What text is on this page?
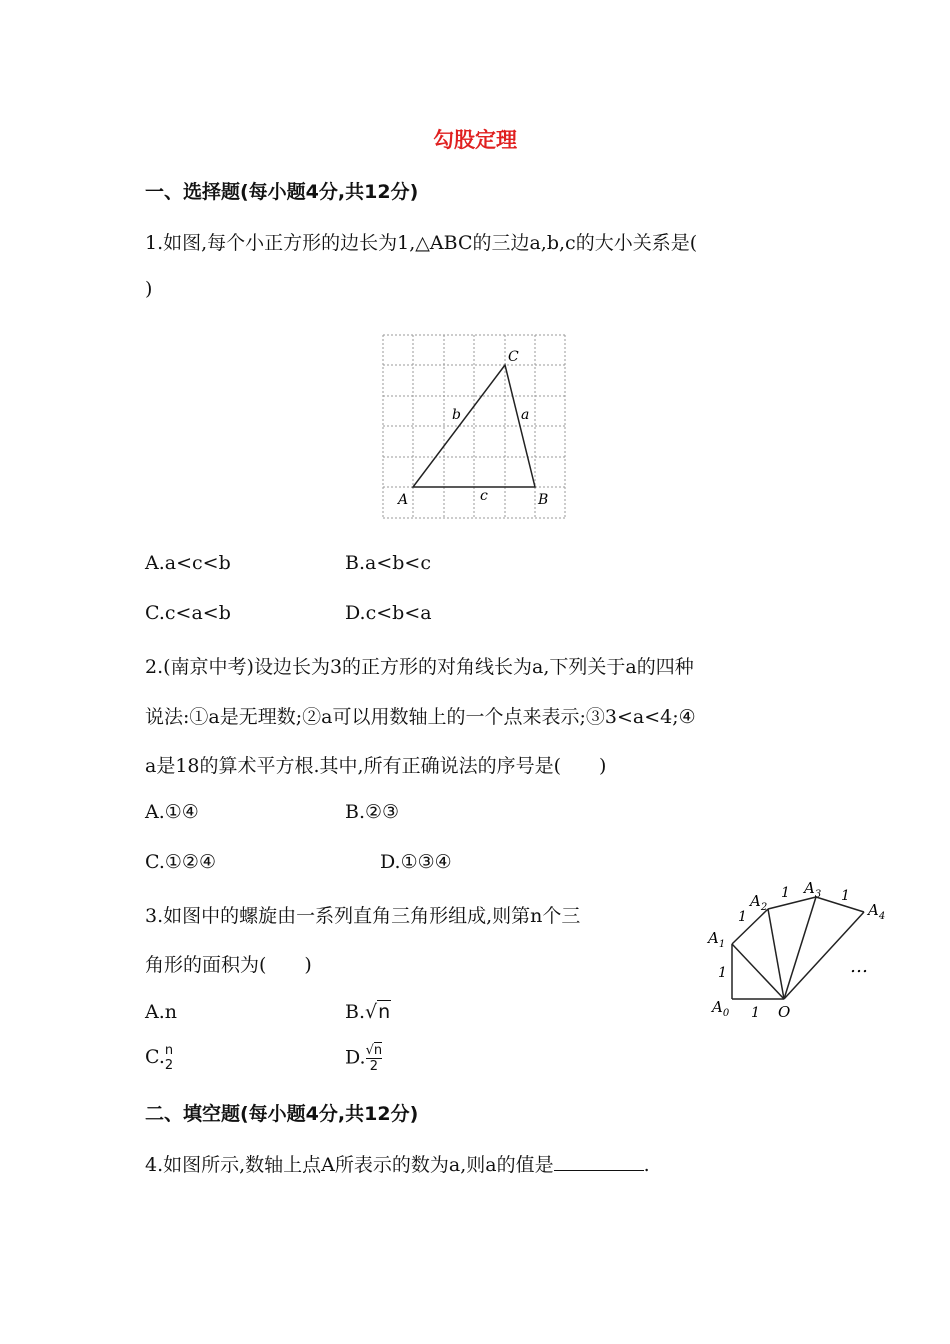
勾股定理
一、选择题(每小题4分,共12分)
1.如图,每个小正方形的边长为1,△ABC的三边a,b,c的大小关系是(
)
C
A	B
b	a
c
A.a<c<b	B.a<b<c
C.c<a<b	D.c<b<a
2.(南京中考)设边长为3的正方形的对角线长为a,下列关于a的四种
说法:①a是无理数;②a可以用数轴上的一个点来表示;③3<a<4;④
a是18的算术平方根.其中,所有正确说法的序号是(　　)
A.①④	B.②③
C.①②④	D.①③④
3.如图中的螺旋由一系列直角三角形组成,则第n个三
角形的面积为(　　)
A.n	B.√n
C. n
2	D. $\frac{√n}{2}$
$A_1$
$A_2$
$A_3$
$A_4$
$A_0$	O
1
1
1
1	1
…
二、填空题(每小题4分,共12分)
4.如图所示,数轴上点A所表示的数为a,则a的值是	.
